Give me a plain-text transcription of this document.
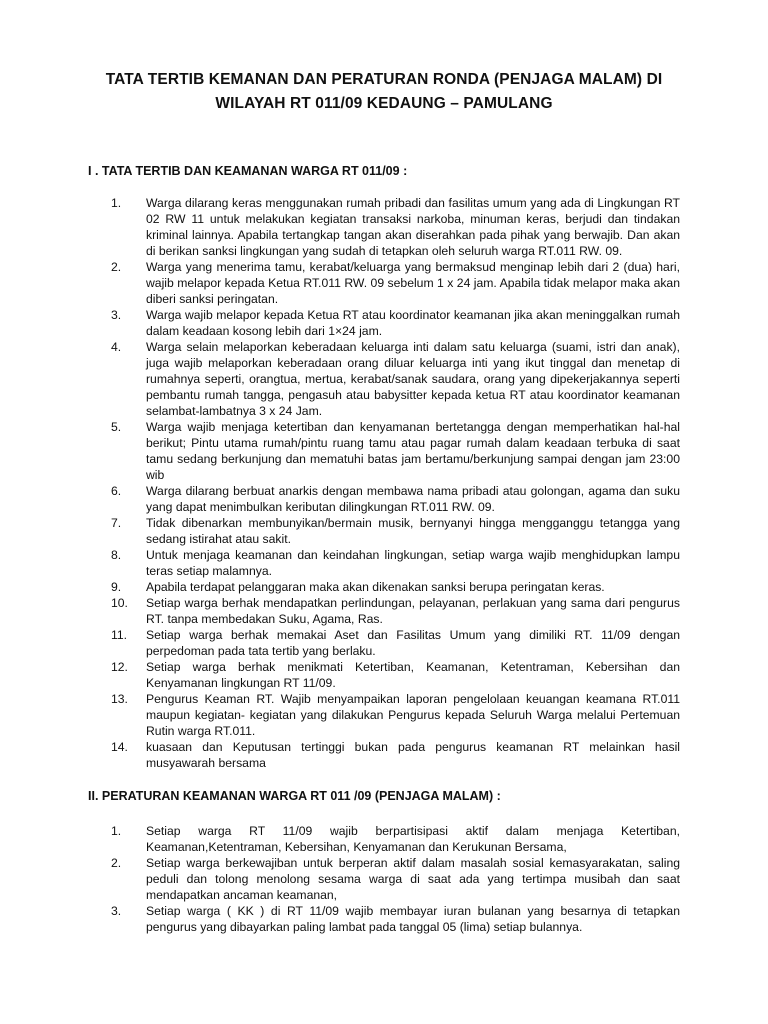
TATA TERTIB KEMANAN DAN PERATURAN RONDA (PENJAGA MALAM) DI WILAYAH RT 011/09 KEDAUNG – PAMULANG
I . TATA TERTIB DAN KEAMANAN WARGA RT 011/09 :
1. Warga dilarang keras menggunakan rumah pribadi dan fasilitas umum yang ada di Lingkungan RT 02 RW 11 untuk melakukan kegiatan transaksi narkoba, minuman keras, berjudi dan tindakan kriminal lainnya. Apabila tertangkap tangan akan diserahkan pada pihak yang berwajib. Dan akan di berikan sanksi lingkungan yang sudah di tetapkan oleh seluruh warga RT.011 RW. 09.
2. Warga yang menerima tamu, kerabat/keluarga yang bermaksud menginap lebih dari 2 (dua) hari, wajib melapor kepada Ketua RT.011 RW. 09 sebelum 1 x 24 jam. Apabila tidak melapor maka akan diberi sanksi peringatan.
3. Warga wajib melapor kepada Ketua RT atau koordinator keamanan jika akan meninggalkan rumah dalam keadaan kosong lebih dari 1×24 jam.
4. Warga selain melaporkan keberadaan keluarga inti dalam satu keluarga (suami, istri dan anak), juga wajib melaporkan keberadaan orang diluar keluarga inti yang ikut tinggal dan menetap di rumahnya seperti, orangtua, mertua, kerabat/sanak saudara, orang yang dipekerjakannya seperti pembantu rumah tangga, pengasuh atau babysitter kepada ketua RT atau koordinator keamanan selambat-lambatnya 3 x 24 Jam.
5. Warga wajib menjaga ketertiban dan kenyamanan bertetangga dengan memperhatikan hal-hal berikut; Pintu utama rumah/pintu ruang tamu atau pagar rumah dalam keadaan terbuka di saat tamu sedang berkunjung dan mematuhi batas jam bertamu/berkunjung sampai dengan jam 23:00 wib
6. Warga dilarang berbuat anarkis dengan membawa nama pribadi atau golongan, agama dan suku yang dapat menimbulkan keributan dilingkungan RT.011 RW. 09.
7. Tidak dibenarkan membunyikan/bermain musik, bernyanyi hingga mengganggu tetangga yang sedang istirahat atau sakit.
8. Untuk menjaga keamanan dan keindahan lingkungan, setiap warga wajib menghidupkan lampu teras setiap malamnya.
9. Apabila terdapat pelanggaran maka akan dikenakan sanksi berupa peringatan keras.
10. Setiap warga berhak mendapatkan perlindungan, pelayanan, perlakuan yang sama dari pengurus RT. tanpa membedakan Suku, Agama, Ras.
11. Setiap warga berhak memakai Aset dan Fasilitas Umum yang dimiliki RT. 11/09 dengan perpedoman pada tata tertib yang berlaku.
12. Setiap warga berhak menikmati Ketertiban, Keamanan, Ketentraman, Kebersihan dan Kenyamanan lingkungan RT 11/09.
13. Pengurus Keaman RT. Wajib menyampaikan laporan pengelolaan keuangan keamana RT.011 maupun kegiatan- kegiatan yang dilakukan Pengurus kepada Seluruh Warga melalui Pertemuan Rutin warga RT.011.
14. kuasaan dan Keputusan tertinggi bukan pada pengurus keamanan RT melainkan hasil musyawarah bersama
II. PERATURAN KEAMANAN WARGA RT 011 /09 (PENJAGA MALAM) :
1. Setiap warga RT 11/09 wajib berpartisipasi aktif dalam menjaga Ketertiban, Keamanan,Ketentraman, Kebersihan, Kenyamanan dan Kerukunan Bersama,
2. Setiap warga berkewajiban untuk berperan aktif dalam masalah sosial kemasyarakatan, saling peduli dan tolong menolong sesama warga di saat ada yang tertimpa musibah dan saat mendapatkan ancaman keamanan,
3. Setiap warga ( KK ) di RT 11/09 wajib membayar iuran bulanan yang besarnya di tetapkan pengurus yang dibayarkan paling lambat pada tanggal 05 (lima) setiap bulannya.
